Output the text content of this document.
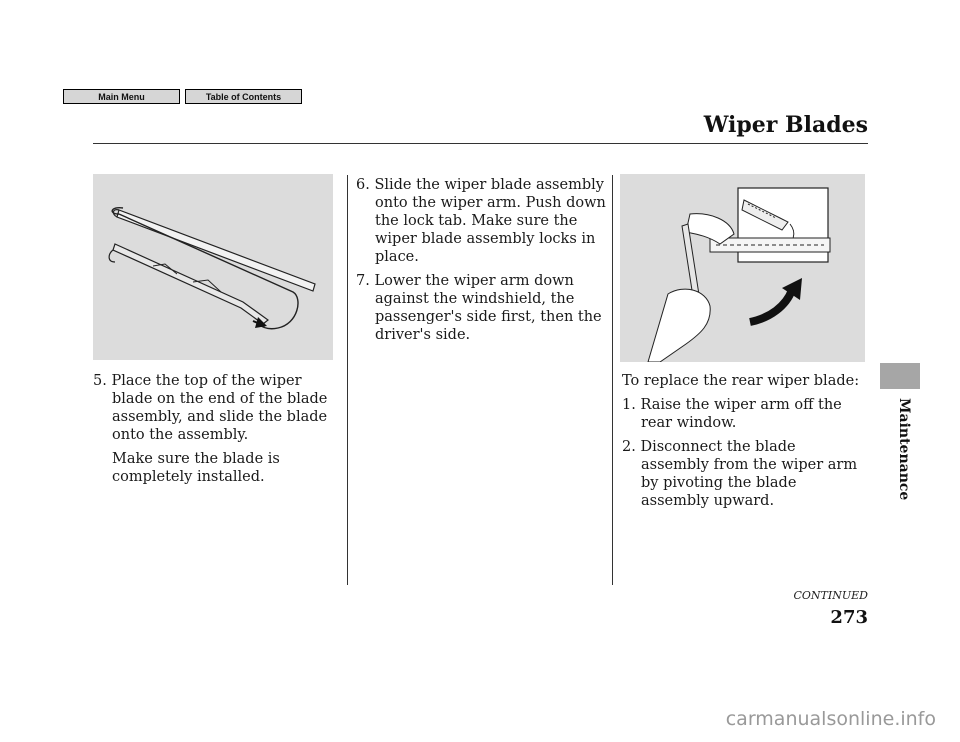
Main Menu	Table of Contents
Wiper Blades

5. Place the top of the wiper blade on the end of the blade assembly, and slide the blade onto the assembly.

Make sure the blade is completely installed.

6. Slide the wiper blade assembly onto the wiper arm. Push down the lock tab. Make sure the wiper blade assembly locks in place.

7. Lower the wiper arm down against the windshield, the passenger's side first, then the driver's side.

To replace the rear wiper blade:

1. Raise the wiper arm off the rear window.

2. Disconnect the blade assembly from the wiper arm by pivoting the blade assembly upward.

Maintenance
CONTINUED
273
carmanualsonline.info
